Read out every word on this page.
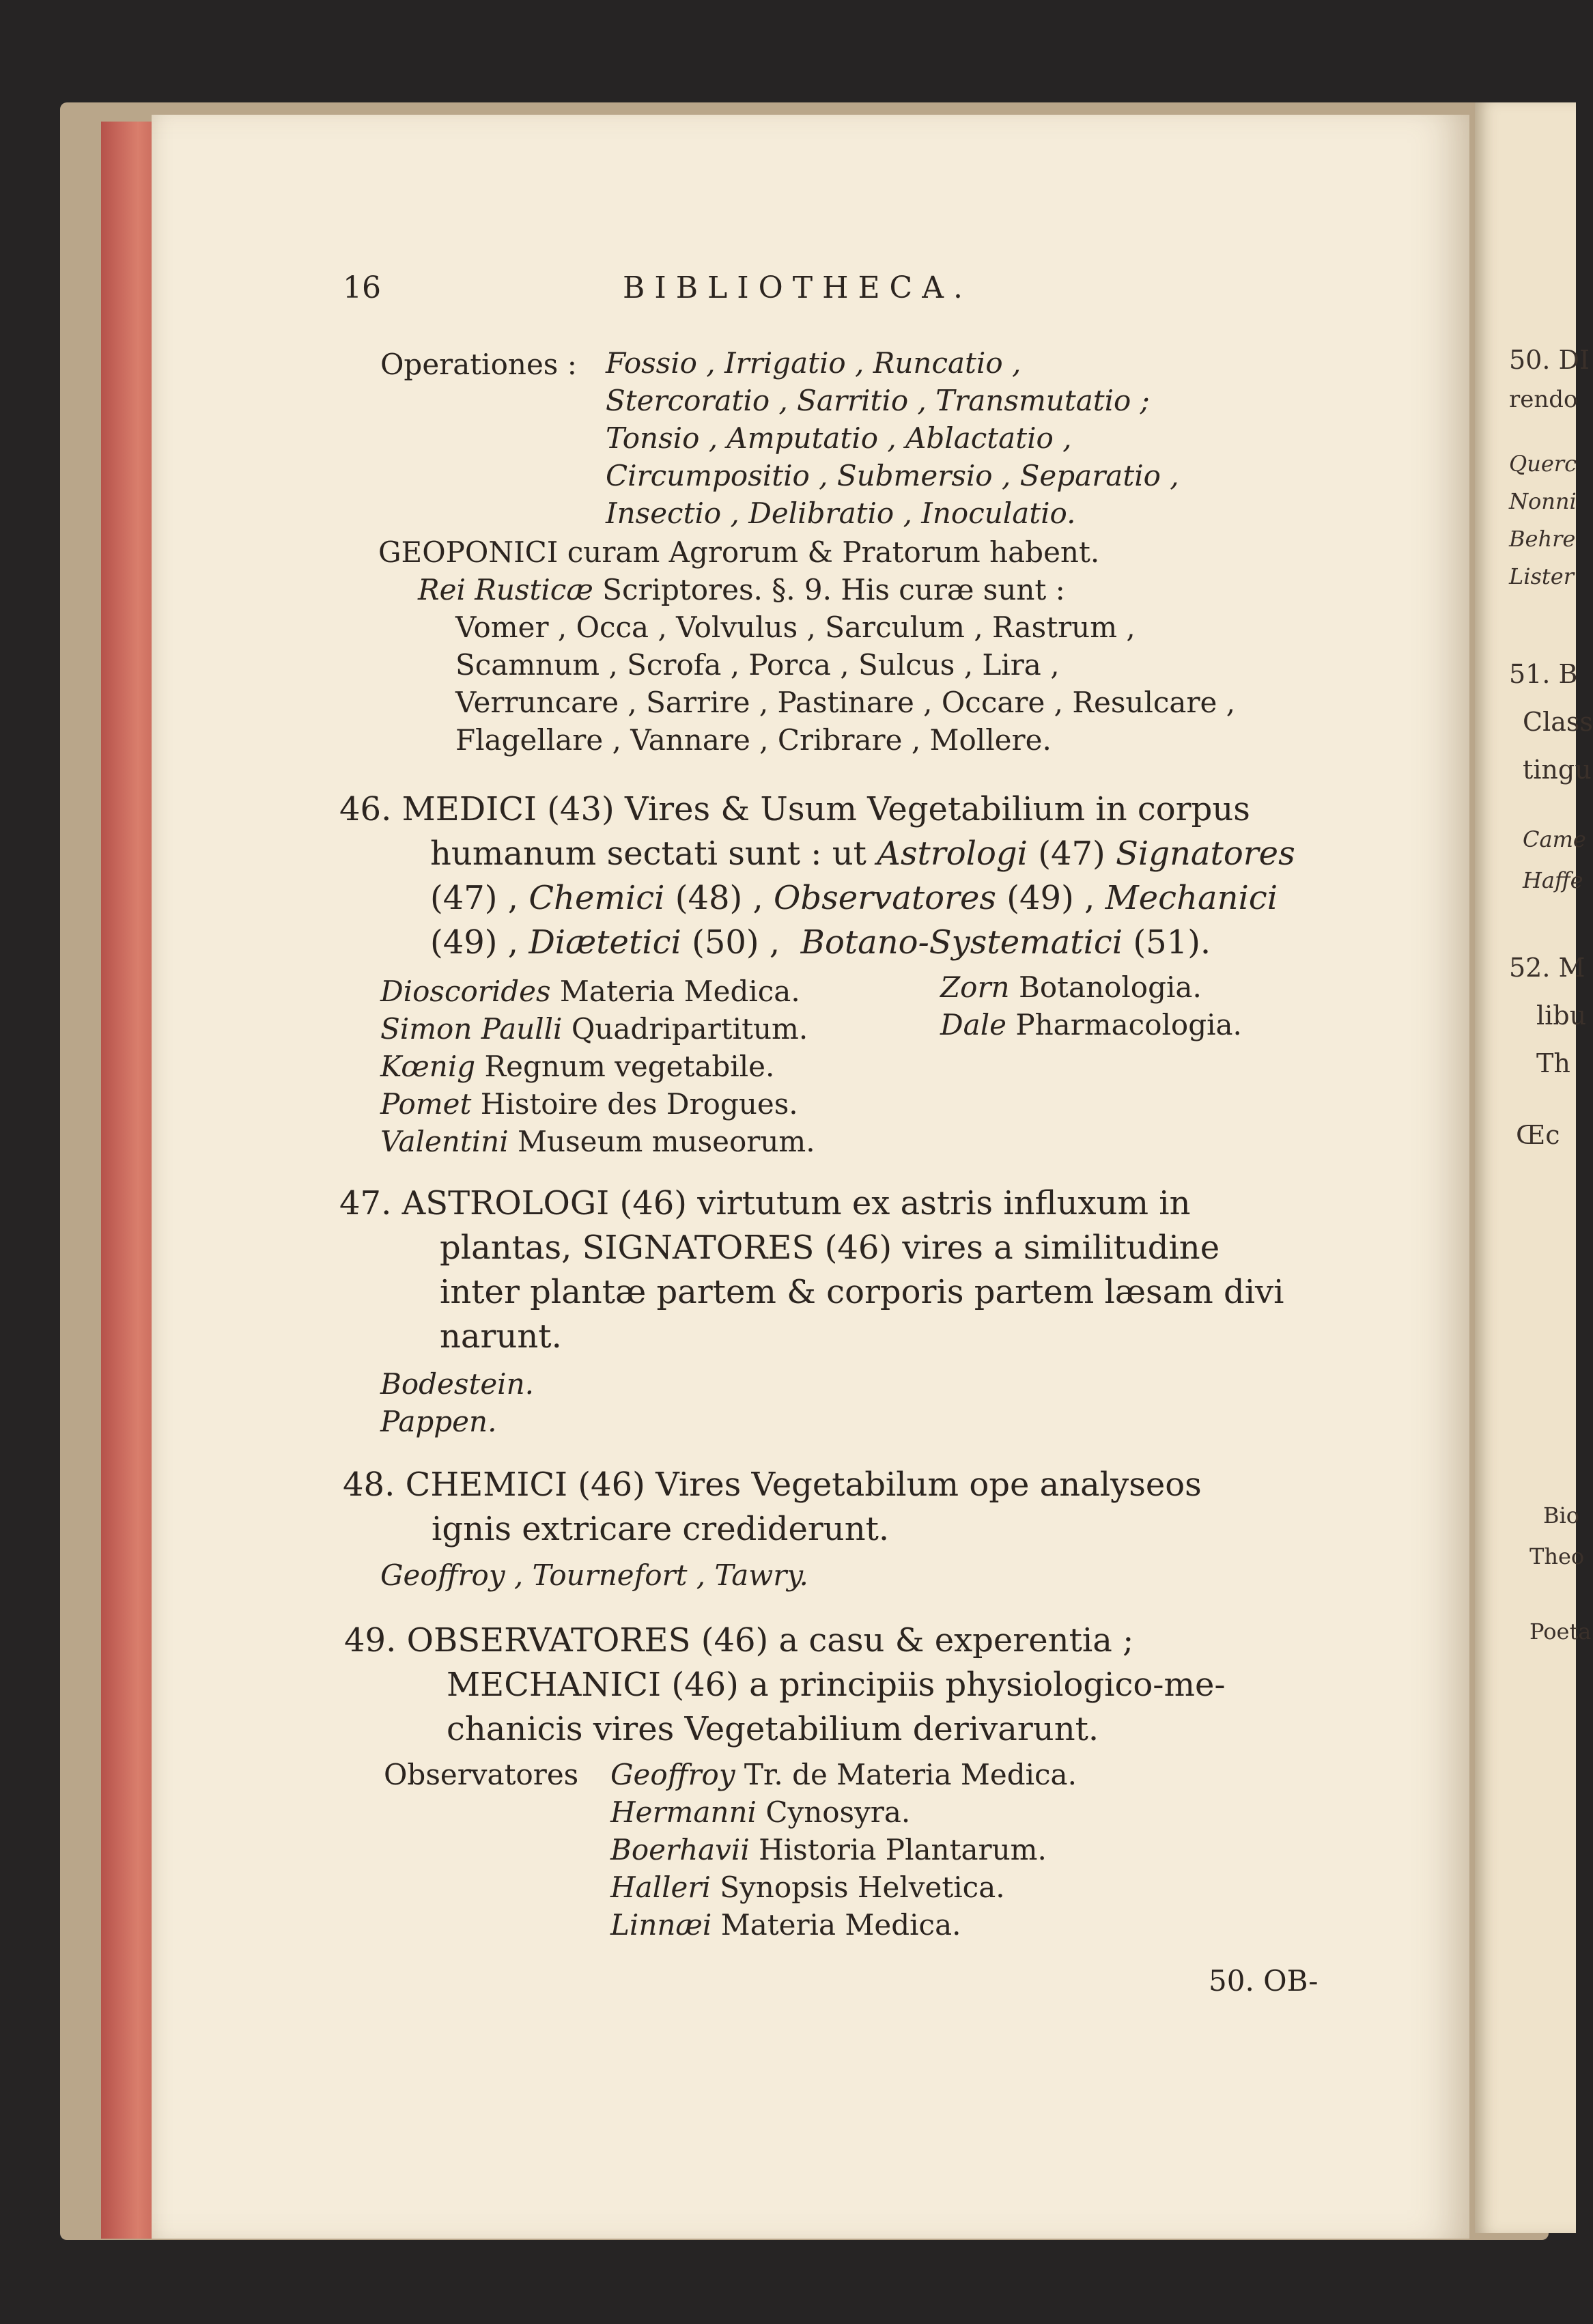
50. DI
rendo
Querc
Nonni
Behre
Lister
51. B
Class
tingu
Came
Haffe
52. M
libu
Th
Œc
Bio
Theo
Poeta
16	BIBLIOTHECA.
Operationes : Fossio , Irrigatio , Runcatio ,
Stercoratio , Sarritio , Transmutatio ;
Tonsio , Amputatio , Ablactatio ,
Circumpositio , Submersio , Separatio ,
Insectio , Delibratio , Inoculatio.
GEOPONICI curam Agrorum & Pratorum habent.
Rei Rusticæ Scriptores. §. 9. His curæ sunt :
Vomer , Occa , Volvulus , Sarculum , Rastrum ,
Scamnum , Scrofa , Porca , Sulcus , Lira ,
Verruncare , Sarrire , Pastinare , Occare , Resulcare ,
Flagellare , Vannare , Cribrare , Mollere.
46. MEDICI (43) Vires & Usum Vegetabilium in corpus
humanum sectati sunt : ut Astrologi (47) Signatores
(47) , Chemici (48) , Observatores (49) , Mechanici
(49) , Diætetici (50) , Botano-Systematici (51).
Dioscorides Materia Medica.
Simon Paulli Quadripartitum.
Kœnig Regnum vegetabile.
Pomet Histoire des Drogues.
Valentini Museum museorum.
Zorn Botanologia.
Dale Pharmacologia.
47. ASTROLOGI (46) virtutum ex astris influxum in
plantas, SIGNATORES (46) vires a similitudine
inter plantæ partem & corporis partem læsam divi
narunt.
Bodestein.
Pappen.
48. CHEMICI (46) Vires Vegetabilum ope analyseos
ignis extricare crediderunt.
Geoffroy , Tournefort , Tawry.
49. OBSERVATORES (46) a casu & experentia ;
MECHANICI (46) a principiis physiologico-me-
chanicis vires Vegetabilium derivarunt.
Observatores Geoffroy Tr. de Materia Medica.
Hermanni Cynosyra.
Boerhavii Historia Plantarum.
Halleri Synopsis Helvetica.
Linnæi Materia Medica.
50. OB-
